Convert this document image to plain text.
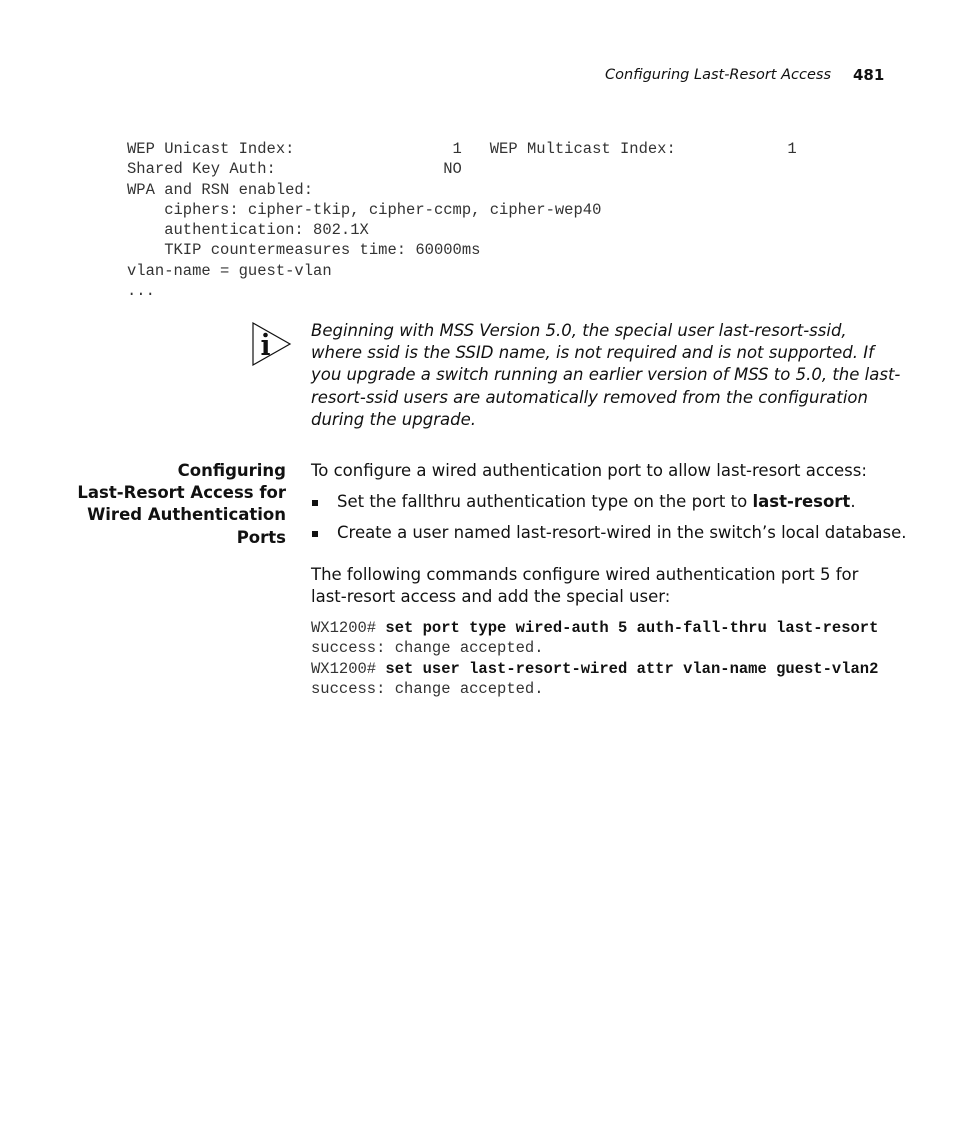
Configuring Last-Resort Access 481
WEP Unicast Index:                 1   WEP Multicast Index:            1
Shared Key Auth:                  NO
WPA and RSN enabled:
ciphers: cipher-tkip, cipher-ccmp, cipher-wep40
authentication: 802.1X
TKIP countermeasures time: 60000ms
vlan-name = guest-vlan
...
Beginning with MSS Version 5.0, the special user last-resort-ssid, where ssid is the SSID name, is not required and is not supported. If you upgrade a switch running an earlier version of MSS to 5.0, the last-resort-ssid users are automatically removed from the configuration during the upgrade.
Configuring
Last-Resort Access for
Wired Authentication
Ports
To configure a wired authentication port to allow last-resort access:
Set the fallthru authentication type on the port to last-resort.
Create a user named last-resort-wired in the switch’s local database.
The following commands configure wired authentication port 5 for last-resort access and add the special user:
WX1200# set port type wired-auth 5 auth-fall-thru last-resort
success: change accepted.
WX1200# set user last-resort-wired attr vlan-name guest-vlan2
success: change accepted.
